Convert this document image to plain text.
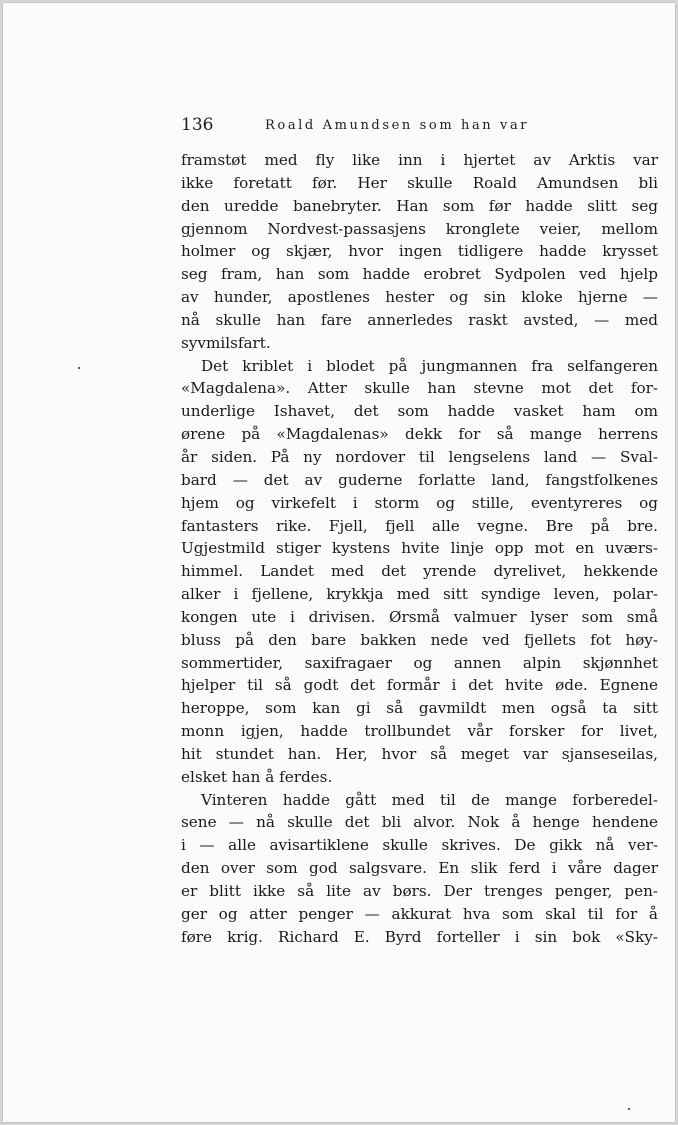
136	Roald Amundsen som han var
framstøt med fly like inn i hjertet av Arktis var
ikke foretatt før. Her skulle Roald Amundsen bli
den uredde banebryter. Han som før hadde slitt seg
gjennom Nordvest-passasjens kronglete veier, mellom
holmer og skjær, hvor ingen tidligere hadde krysset
seg fram, han som hadde erobret Sydpolen ved hjelp
av hunder, apostlenes hester og sin kloke hjerne —
nå skulle han fare annerledes raskt avsted, — med
syvmilsfart.
Det kriblet i blodet på jungmannen fra selfangeren
«Magdalena». Atter skulle han stevne mot det for-
underlige Ishavet, det som hadde vasket ham om
ørene på «Magdalenas» dekk for så mange herrens
år siden. På ny nordover til lengselens land — Sval-
bard — det av guderne forlatte land, fangstfolkenes
hjem og virkefelt i storm og stille, eventyreres og
fantasters rike. Fjell, fjell alle vegne. Bre på bre.
Ugjestmild stiger kystens hvite linje opp mot en uværs-
himmel. Landet med det yrende dyrelivet, hekkende
alker i fjellene, krykkja med sitt syndige leven, polar-
kongen ute i drivisen. Ørsmå valmuer lyser som små
bluss på den bare bakken nede ved fjellets fot høy-
sommertider, saxifragaer og annen alpin skjønnhet
hjelper til så godt det formår i det hvite øde. Egnene
heroppe, som kan gi så gavmildt men også ta sitt
monn igjen, hadde trollbundet vår forsker for livet,
hit stundet han. Her, hvor så meget var sjanseseilas,
elsket han å ferdes.
Vinteren hadde gått med til de mange forberedel-
sene — nå skulle det bli alvor. Nok å henge hendene
i — alle avisartiklene skulle skrives. De gikk nå ver-
den over som god salgsvare. En slik ferd i våre dager
er blitt ikke så lite av børs. Der trenges penger, pen-
ger og atter penger — akkurat hva som skal til for å
føre krig. Richard E. Byrd forteller i sin bok «Sky-
